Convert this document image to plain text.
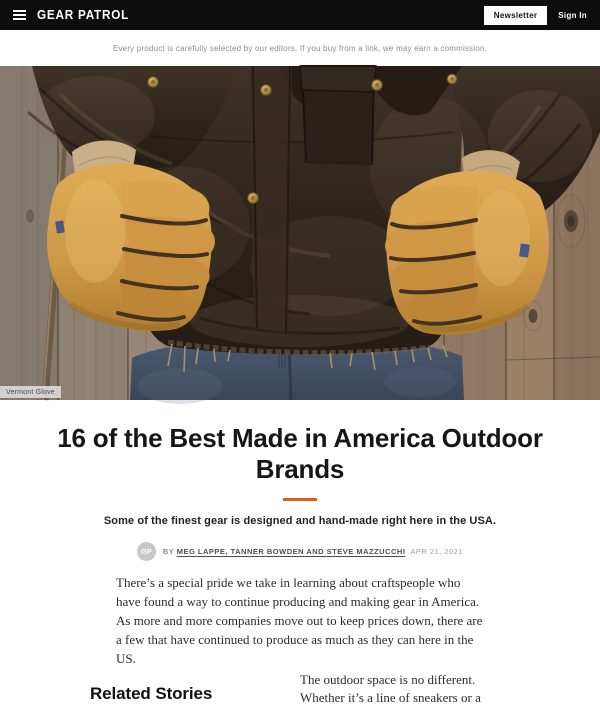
GEAR PATROL	Newsletter	Sign In
Every product is carefully selected by our editors. If you buy from a link, we may earn a commission.
Vermont Glove
16 of the Best Made in America Outdoor Brands
Some of the finest gear is designed and hand-made right here in the USA.
GP	BY MEG LAPPE, TANNER BOWDEN AND STEVE MAZZUCCHI APR 21, 2021

There’s a special pride we take in learning about craftspeople who have found a way to continue producing and making gear in America. As more and more companies move out to keep prices down, there are a few that have continued to produce as much as they can here in the US.

Related Stories

The outdoor space is no different. Whether it’s a line of sneakers or a
